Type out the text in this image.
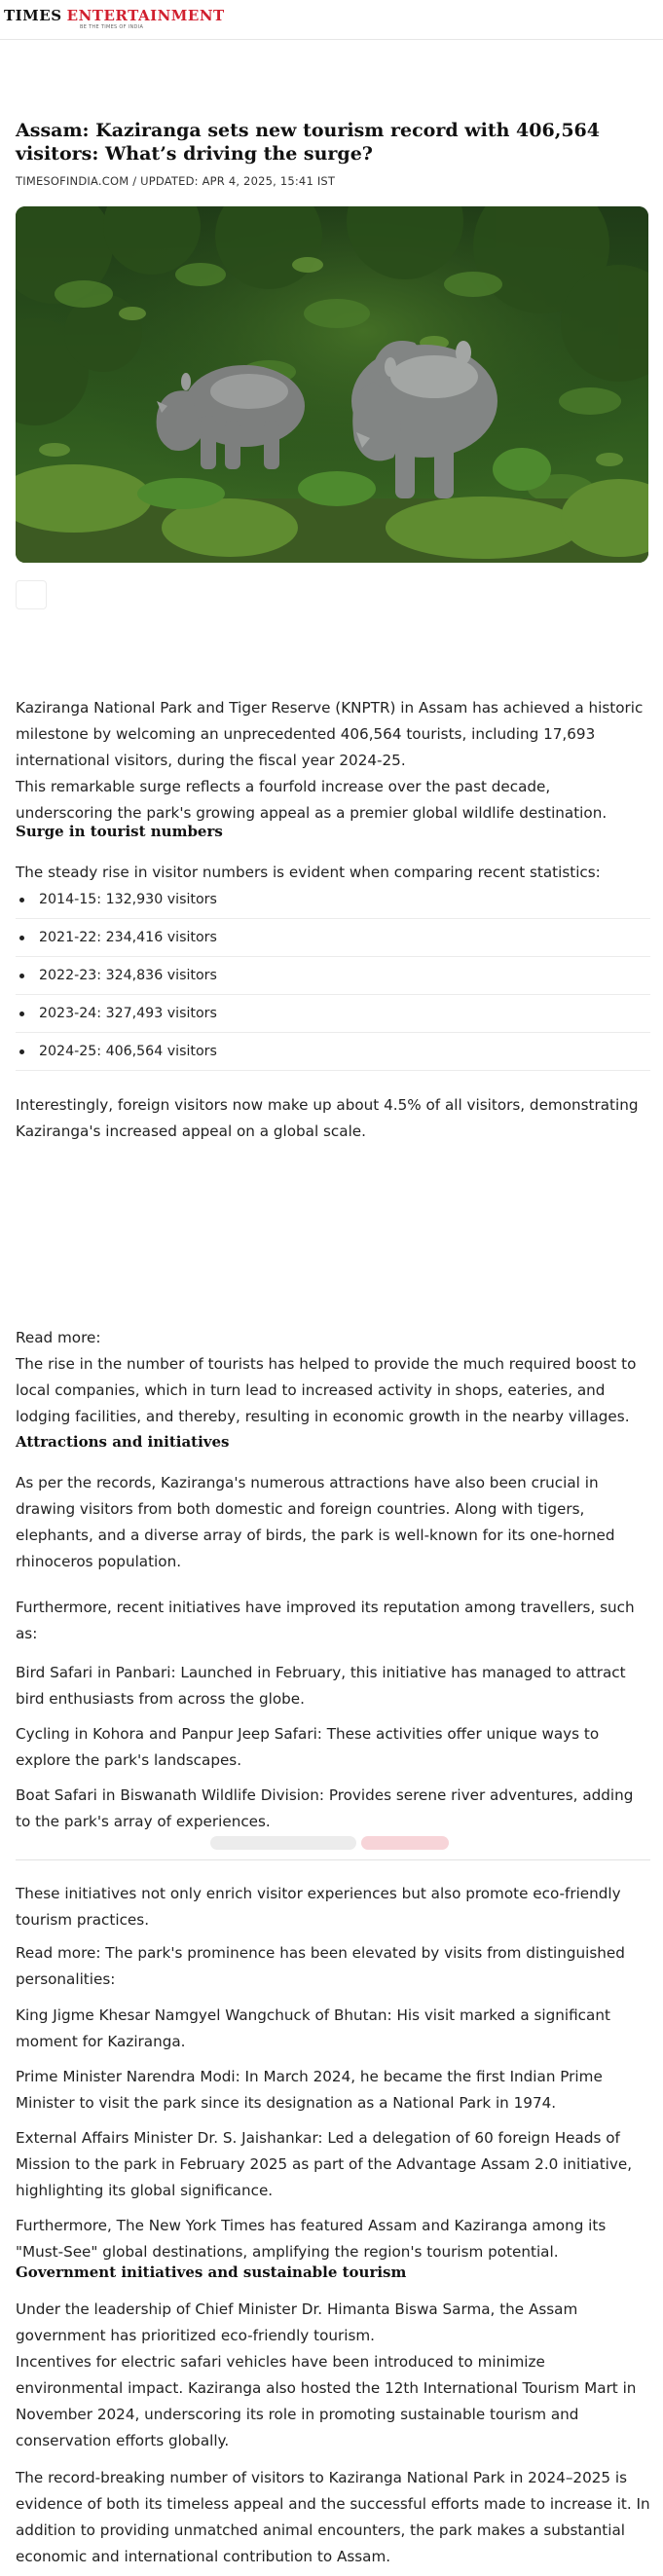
TIMES ENTERTAINMENT
BE THE TIMES OF INDIA
Assam: Kaziranga sets new tourism record with 406,564 visitors: What’s driving the surge?
TIMESOFINDIA.COM / UPDATED: APR 4, 2025, 15:41 IST

Kaziranga National Park and Tiger Reserve (KNPTR) in Assam has achieved a historic milestone by welcoming an unprecedented 406,564 tourists, including 17,693 international visitors, during the fiscal year 2024-25.

This remarkable surge reflects a fourfold increase over the past decade, underscoring the park's growing appeal as a premier global wildlife destination.

Surge in tourist numbers

The steady rise in visitor numbers is evident when comparing recent statistics:

2014-15: 132,930 visitors
2021-22: 234,416 visitors
2022-23: 324,836 visitors
2023-24: 327,493 visitors
2024-25: 406,564 visitors

Interestingly, foreign visitors now make up about 4.5% of all visitors, demonstrating Kaziranga's increased appeal on a global scale.

Read more:

The rise in the number of tourists has helped to provide the much required boost to local companies, which in turn lead to increased activity in shops, eateries, and lodging facilities, and thereby, resulting in economic growth in the nearby villages.

Attractions and initiatives

As per the records, Kaziranga's numerous attractions have also been crucial in drawing visitors from both domestic and foreign countries. Along with tigers, elephants, and a diverse array of birds, the park is well-known for its one-horned rhinoceros population.

Furthermore, recent initiatives have improved its reputation among travellers, such as:

Bird Safari in Panbari: Launched in February, this initiative has managed to attract bird enthusiasts from across the globe.

Cycling in Kohora and Panpur Jeep Safari: These activities offer unique ways to explore the park's landscapes.

Boat Safari in Biswanath Wildlife Division: Provides serene river adventures, adding to the park's array of experiences.

These initiatives not only enrich visitor experiences but also promote eco-friendly tourism practices.

Read more: The park's prominence has been elevated by visits from distinguished personalities:

King Jigme Khesar Namgyel Wangchuck of Bhutan: His visit marked a significant moment for Kaziranga.

Prime Minister Narendra Modi: In March 2024, he became the first Indian Prime Minister to visit the park since its designation as a National Park in 1974.

External Affairs Minister Dr. S. Jaishankar: Led a delegation of 60 foreign Heads of Mission to the park in February 2025 as part of the Advantage Assam 2.0 initiative, highlighting its global significance.

Furthermore, The New York Times has featured Assam and Kaziranga among its "Must-See" global destinations, amplifying the region's tourism potential.

Government initiatives and sustainable tourism

Under the leadership of Chief Minister Dr. Himanta Biswa Sarma, the Assam government has prioritized eco-friendly tourism.

Incentives for electric safari vehicles have been introduced to minimize environmental impact. Kaziranga also hosted the 12th International Tourism Mart in November 2024, underscoring its role in promoting sustainable tourism and conservation efforts globally.

The record-breaking number of visitors to Kaziranga National Park in 2024–2025 is evidence of both its timeless appeal and the successful efforts made to increase it. In addition to providing unmatched animal encounters, the park makes a substantial economic and international contribution to Assam.
